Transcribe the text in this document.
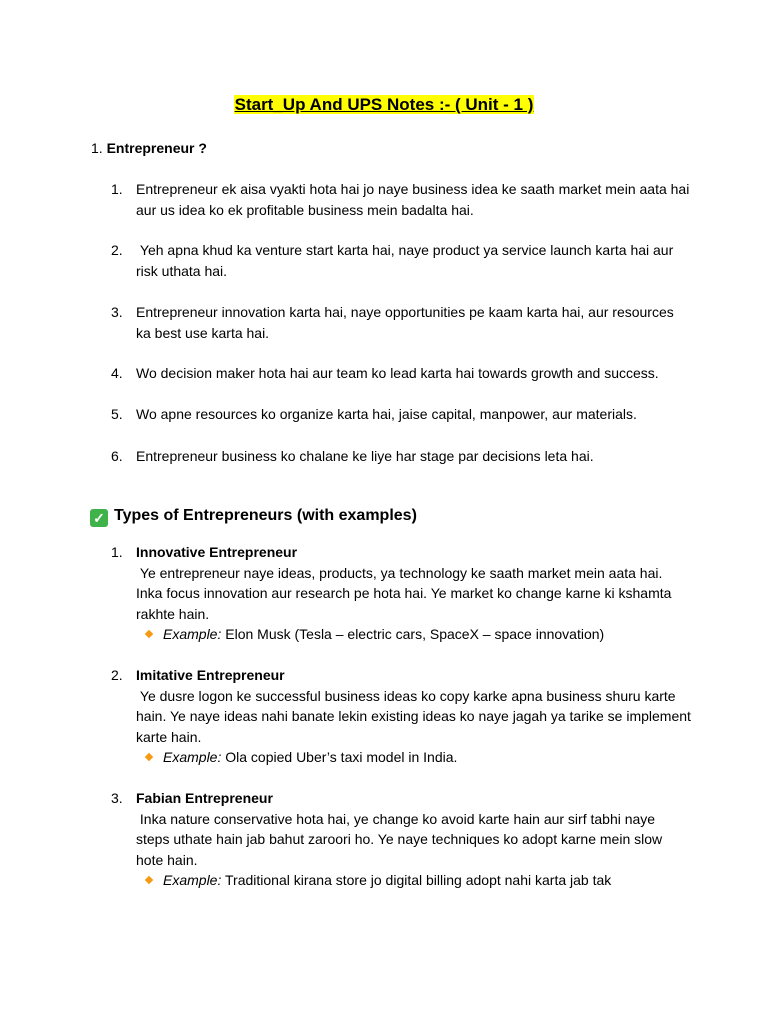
Start_Up And UPS Notes :- ( Unit - 1 )
1. Entrepreneur ?
1. Entrepreneur ek aisa vyakti hota hai jo naye business idea ke saath market mein aata hai aur us idea ko ek profitable business mein badalta hai.
2. Yeh apna khud ka venture start karta hai, naye product ya service launch karta hai aur risk uthata hai.
3. Entrepreneur innovation karta hai, naye opportunities pe kaam karta hai, aur resources ka best use karta hai.
4. Wo decision maker hota hai aur team ko lead karta hai towards growth and success.
5. Wo apne resources ko organize karta hai, jaise capital, manpower, aur materials.
6. Entrepreneur business ko chalane ke liye har stage par decisions leta hai.
✓ Types of Entrepreneurs (with examples)
1. Innovative Entrepreneur
Ye entrepreneur naye ideas, products, ya technology ke saath market mein aata hai. Inka focus innovation aur research pe hota hai. Ye market ko change karne ki kshamta rakhte hain.
Example: Elon Musk (Tesla – electric cars, SpaceX – space innovation)
2. Imitative Entrepreneur
Ye dusre logon ke successful business ideas ko copy karke apna business shuru karte hain. Ye naye ideas nahi banate lekin existing ideas ko naye jagah ya tarike se implement karte hain.
Example: Ola copied Uber’s taxi model in India.
3. Fabian Entrepreneur
Inka nature conservative hota hai, ye change ko avoid karte hain aur sirf tabhi naye steps uthate hain jab bahut zaroori ho. Ye naye techniques ko adopt karne mein slow hote hain.
Example: Traditional kirana store jo digital billing adopt nahi karta jab tak
